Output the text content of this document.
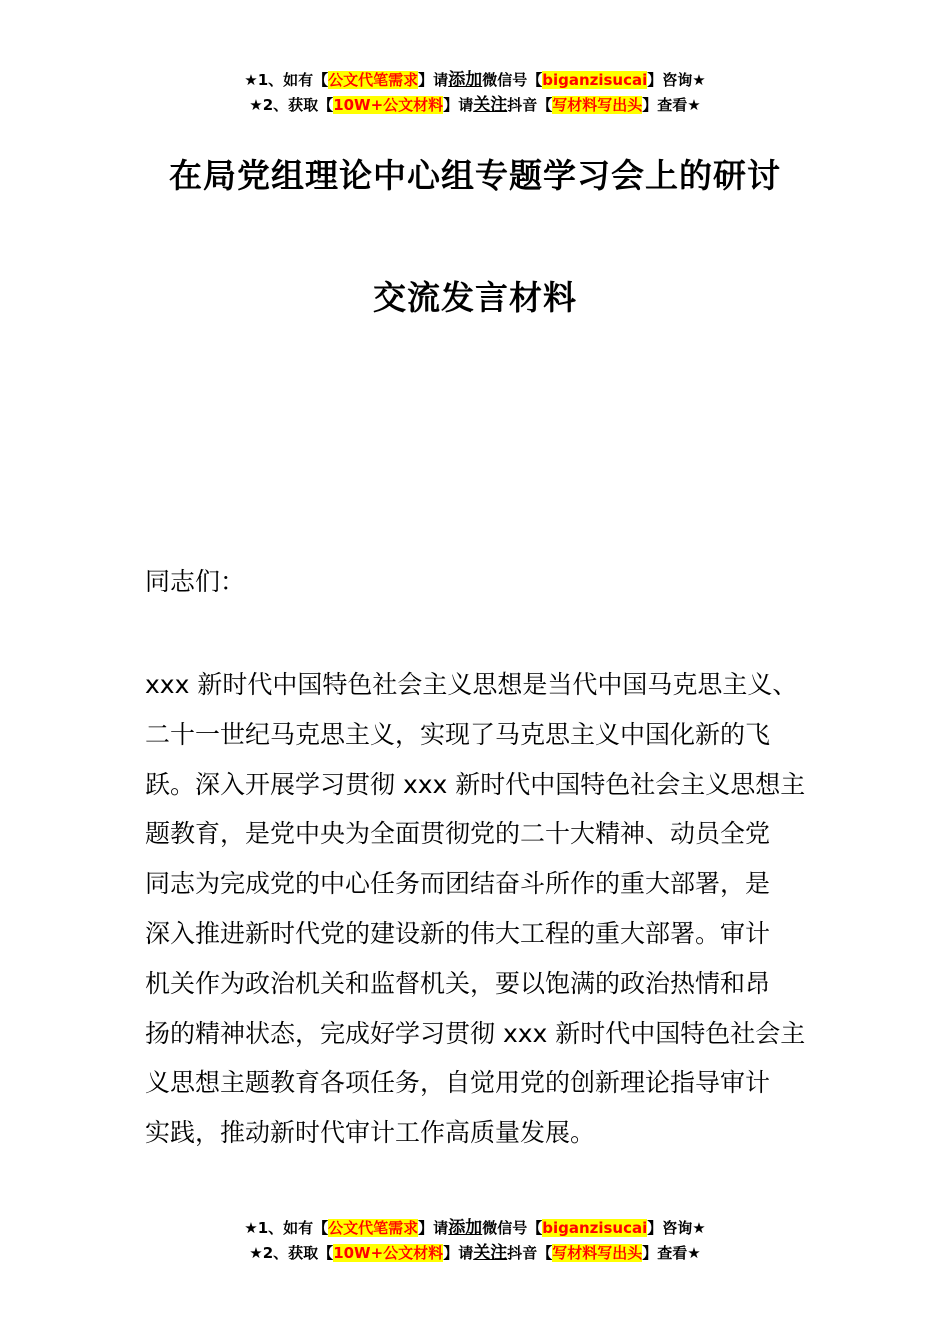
★1、如有【公文代笔需求】请添加微信号【biganzisucai】咨询★
★2、获取【10W+公文材料】请关注抖音【写材料写出头】查看★
在局党组理论中心组专题学习会上的研讨
交流发言材料
同志们：
xxx 新时代中国特色社会主义思想是当代中国马克思主义、
二十一世纪马克思主义，实现了马克思主义中国化新的飞
跃。深入开展学习贯彻 xxx 新时代中国特色社会主义思想主
题教育，是党中央为全面贯彻党的二十大精神、动员全党
同志为完成党的中心任务而团结奋斗所作的重大部署，是
深入推进新时代党的建设新的伟大工程的重大部署。审计
机关作为政治机关和监督机关，要以饱满的政治热情和昂
扬的精神状态，完成好学习贯彻 xxx 新时代中国特色社会主
义思想主题教育各项任务，自觉用党的创新理论指导审计
实践，推动新时代审计工作高质量发展。
★1、如有【公文代笔需求】请添加微信号【biganzisucai】咨询★
★2、获取【10W+公文材料】请关注抖音【写材料写出头】查看★
